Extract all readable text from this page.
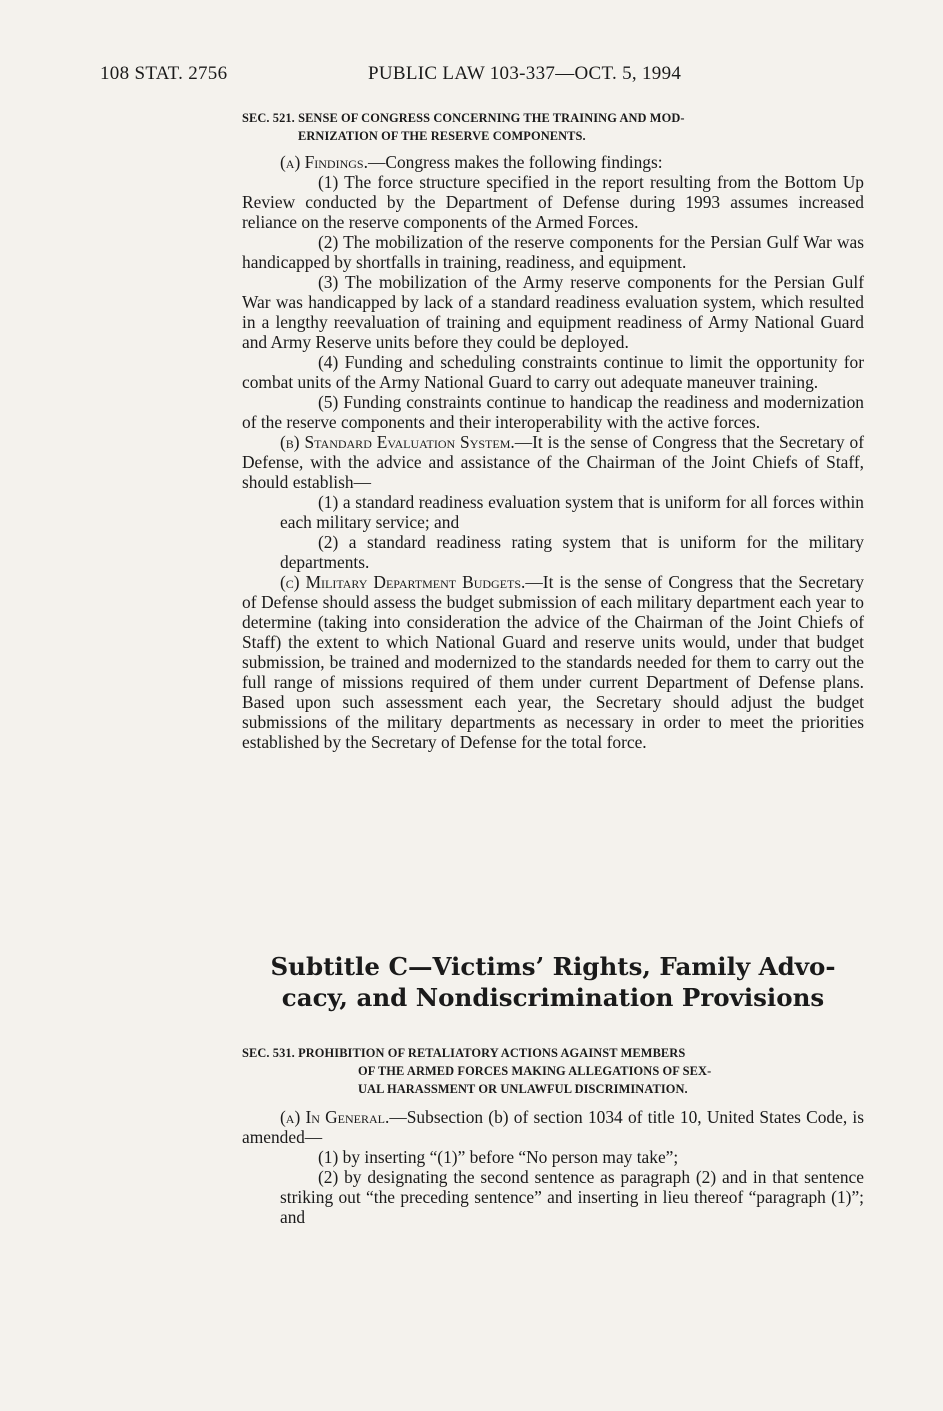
108 STAT. 2756	PUBLIC LAW 103-337—OCT. 5, 1994
SEC. 521. SENSE OF CONGRESS CONCERNING THE TRAINING AND MOD-
ERNIZATION OF THE RESERVE COMPONENTS.

(a) Findings.—Congress makes the following findings:

(1) The force structure specified in the report resulting from the Bottom Up Review conducted by the Department of Defense during 1993 assumes increased reliance on the reserve components of the Armed Forces.

(2) The mobilization of the reserve components for the Persian Gulf War was handicapped by shortfalls in training, readiness, and equipment.

(3) The mobilization of the Army reserve components for the Persian Gulf War was handicapped by lack of a standard readiness evaluation system, which resulted in a lengthy reevaluation of training and equipment readiness of Army National Guard and Army Reserve units before they could be deployed.

(4) Funding and scheduling constraints continue to limit the opportunity for combat units of the Army National Guard to carry out adequate maneuver training.

(5) Funding constraints continue to handicap the readiness and modernization of the reserve components and their interoperability with the active forces.

(b) Standard Evaluation System.—It is the sense of Congress that the Secretary of Defense, with the advice and assistance of the Chairman of the Joint Chiefs of Staff, should establish—

(1) a standard readiness evaluation system that is uniform for all forces within each military service; and

(2) a standard readiness rating system that is uniform for the military departments.

(c) Military Department Budgets.—It is the sense of Congress that the Secretary of Defense should assess the budget submission of each military department each year to determine (taking into consideration the advice of the Chairman of the Joint Chiefs of Staff) the extent to which National Guard and reserve units would, under that budget submission, be trained and modernized to the standards needed for them to carry out the full range of missions required of them under current Department of Defense plans. Based upon such assessment each year, the Secretary should adjust the budget submissions of the military departments as necessary in order to meet the priorities established by the Secretary of Defense for the total force.

Subtitle C—Victims’ Rights, Family Advo-
cacy, and Nondiscrimination Provisions
SEC. 531. PROHIBITION OF RETALIATORY ACTIONS AGAINST MEMBERS
OF THE ARMED FORCES MAKING ALLEGATIONS OF SEX-
UAL HARASSMENT OR UNLAWFUL DISCRIMINATION.

(a) In General.—Subsection (b) of section 1034 of title 10, United States Code, is amended—

(1) by inserting “(1)” before “No person may take”;

(2) by designating the second sentence as paragraph (2) and in that sentence striking out “the preceding sentence” and inserting in lieu thereof “paragraph (1)”; and
